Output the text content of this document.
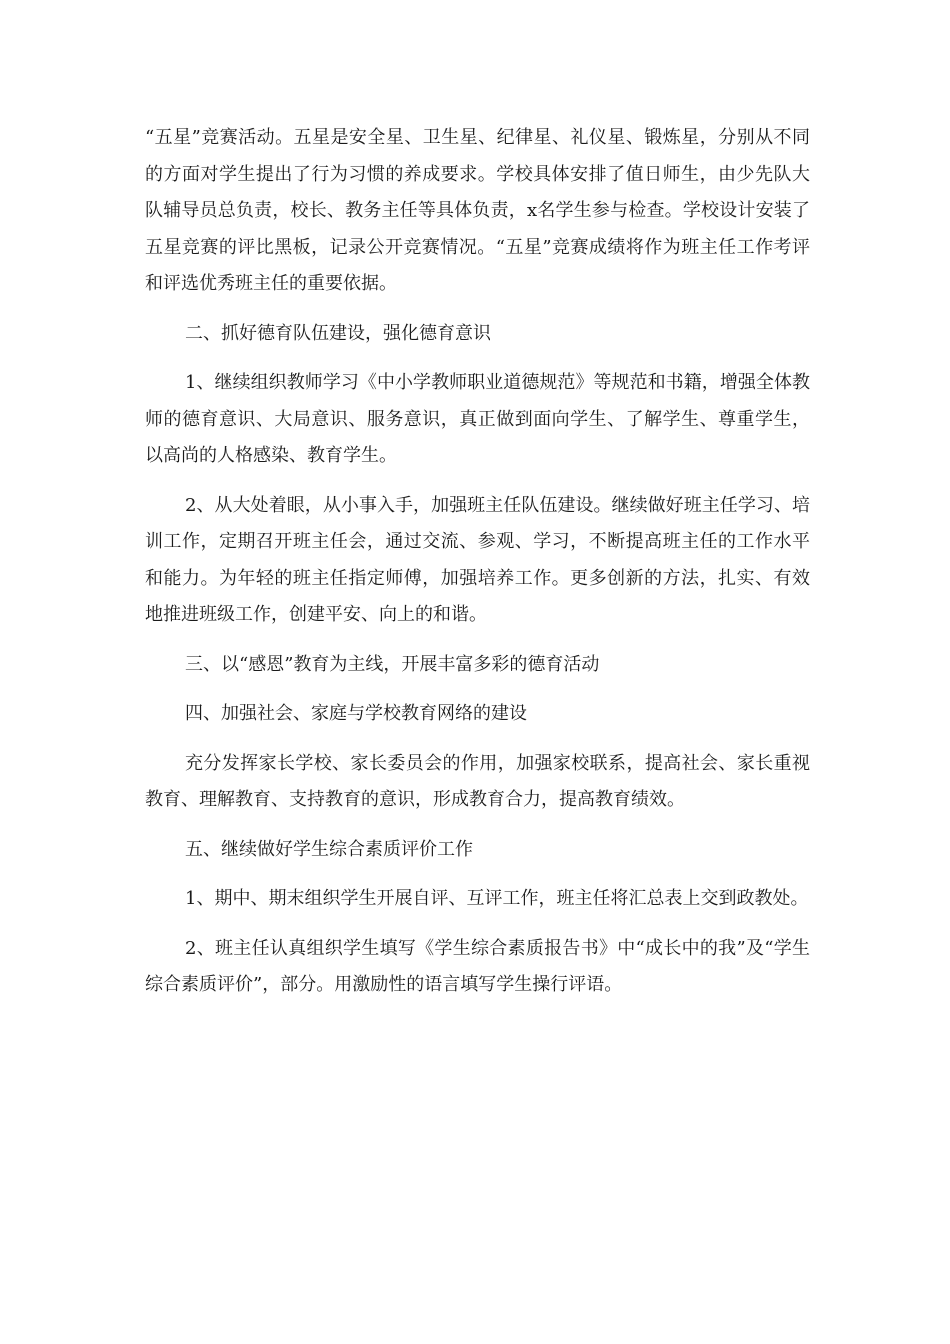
“五星”竞赛活动。五星是安全星、卫生星、纪律星、礼仪星、锻炼星，分别从不同的方面对学生提出了行为习惯的养成要求。学校具体安排了值日师生，由少先队大队辅导员总负责，校长、教务主任等具体负责，x名学生参与检查。学校设计安装了五星竞赛的评比黑板，记录公开竞赛情况。“五星”竞赛成绩将作为班主任工作考评和评选优秀班主任的重要依据。

二、抓好德育队伍建设，强化德育意识

1、继续组织教师学习《中小学教师职业道德规范》等规范和书籍，增强全体教师的德育意识、大局意识、服务意识，真正做到面向学生、了解学生、尊重学生，以高尚的人格感染、教育学生。

2、从大处着眼，从小事入手，加强班主任队伍建设。继续做好班主任学习、培训工作，定期召开班主任会，通过交流、参观、学习，不断提高班主任的工作水平和能力。为年轻的班主任指定师傅，加强培养工作。更多创新的方法，扎实、有效地推进班级工作，创建平安、向上的和谐。

三、以“感恩”教育为主线，开展丰富多彩的德育活动

四、加强社会、家庭与学校教育网络的建设

充分发挥家长学校、家长委员会的作用，加强家校联系，提高社会、家长重视教育、理解教育、支持教育的意识，形成教育合力，提高教育绩效。

五、继续做好学生综合素质评价工作

1、期中、期末组织学生开展自评、互评工作，班主任将汇总表上交到政教处。

2、班主任认真组织学生填写《学生综合素质报告书》中“成长中的我”及“学生综合素质评价”，部分。用激励性的语言填写学生操行评语。
